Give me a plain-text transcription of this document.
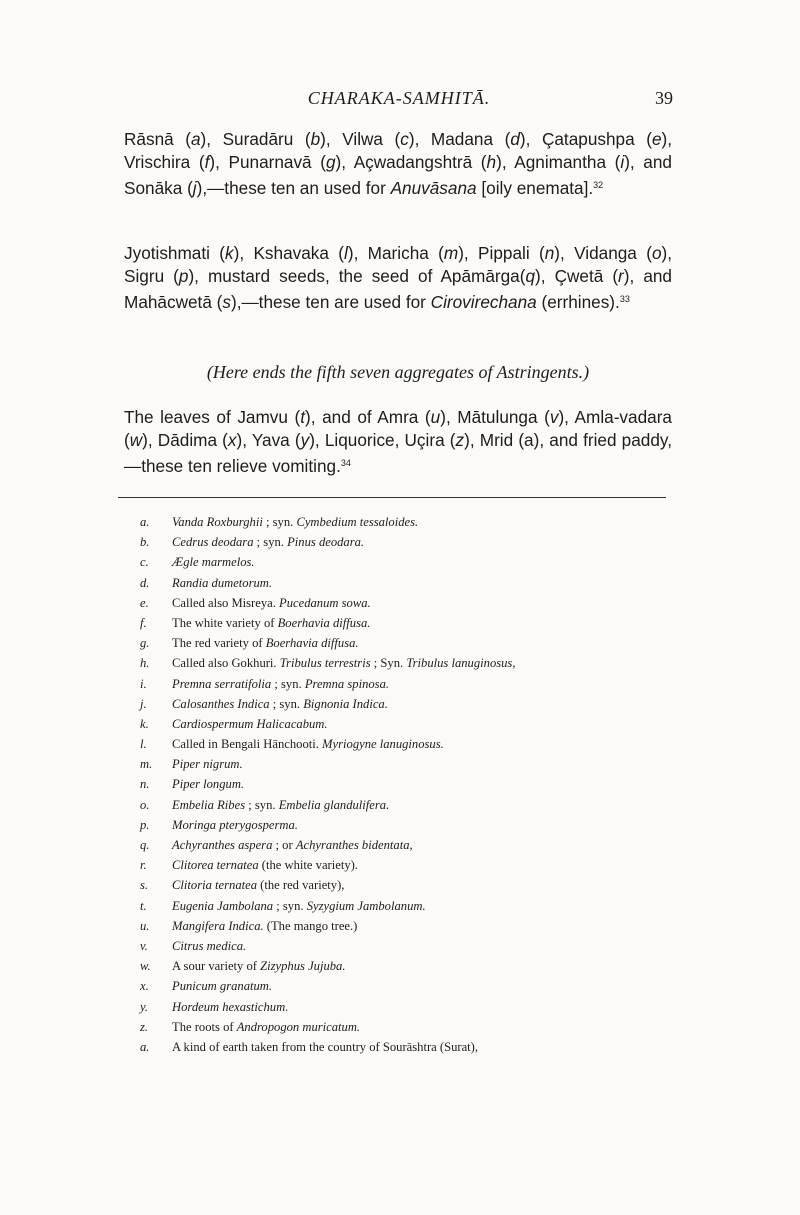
CHARAKA-SAMHITĀ.	39
Rāsnā (a), Suradāru (b), Vilwa (c), Madana (d), Çatapushpa (e), Vrischira (f), Punarnavā (g), Açwadangshtrā (h), Agnimantha (i), and Sonāka (j),—these ten an used for Anuvāsana [oily enemata].$^{32}$
Jyotishmati (k), Kshavaka (l), Maricha (m), Pippali (n), Vidanga (o), Sigru (p), mustard seeds, the seed of Apāmārga(q), Çwetā (r), and Mahācwetā (s),—these ten are used for Cirovirechana (errhines).$^{33}$
(Here ends the fifth seven aggregates of Astringents.)
The leaves of Jamvu (t), and of Amra (u), Mātulunga (v), Amla-vadara (w), Dādima (x), Yava (y), Liquorice, Uçira (z), Mrid (a), and fried paddy,—these ten relieve vomiting.$^{34}$
a.	Vanda Roxburghii ; syn. Cymbedium tessaloides.
b.	Cedrus deodara ; syn. Pinus deodara.
c.	Ægle marmelos.
d.	Randia dumetorum.
e.	Called also Misreya. Pucedanum sowa.
f.	The white variety of Boerhavia diffusa.
g.	The red variety of Boerhavia diffusa.
h.	Called also Gokhuri. Tribulus terrestris ; Syn. Tribulus lanuginosus,
i.	Premna serratifolia ; syn. Premna spinosa.
j.	Calosanthes Indica ; syn. Bignonia Indica.
k.	Cardiospermum Halicacabum.
l.	Called in Bengali Hānchooti. Myriogyne lanuginosus.
m.	Piper nigrum.
n.	Piper longum.
o.	Embelia Ribes ; syn. Embelia glandulifera.
p.	Moringa pterygosperma.
q.	Achyranthes aspera ; or Achyranthes bidentata,
r.	Clitorea ternatea (the white variety).
s.	Clitoria ternatea (the red variety),
t.	Eugenia Jambolana ; syn. Syzygium Jambolanum.
u.	Mangifera Indica. (The mango tree.)
v.	Citrus medica.
w.	A sour variety of Zizyphus Jujuba.
x.	Punicum granatum.
y.	Hordeum hexastichum.
z.	The roots of Andropogon muricatum.
a.	A kind of earth taken from the country of Sourāshtra (Surat),
